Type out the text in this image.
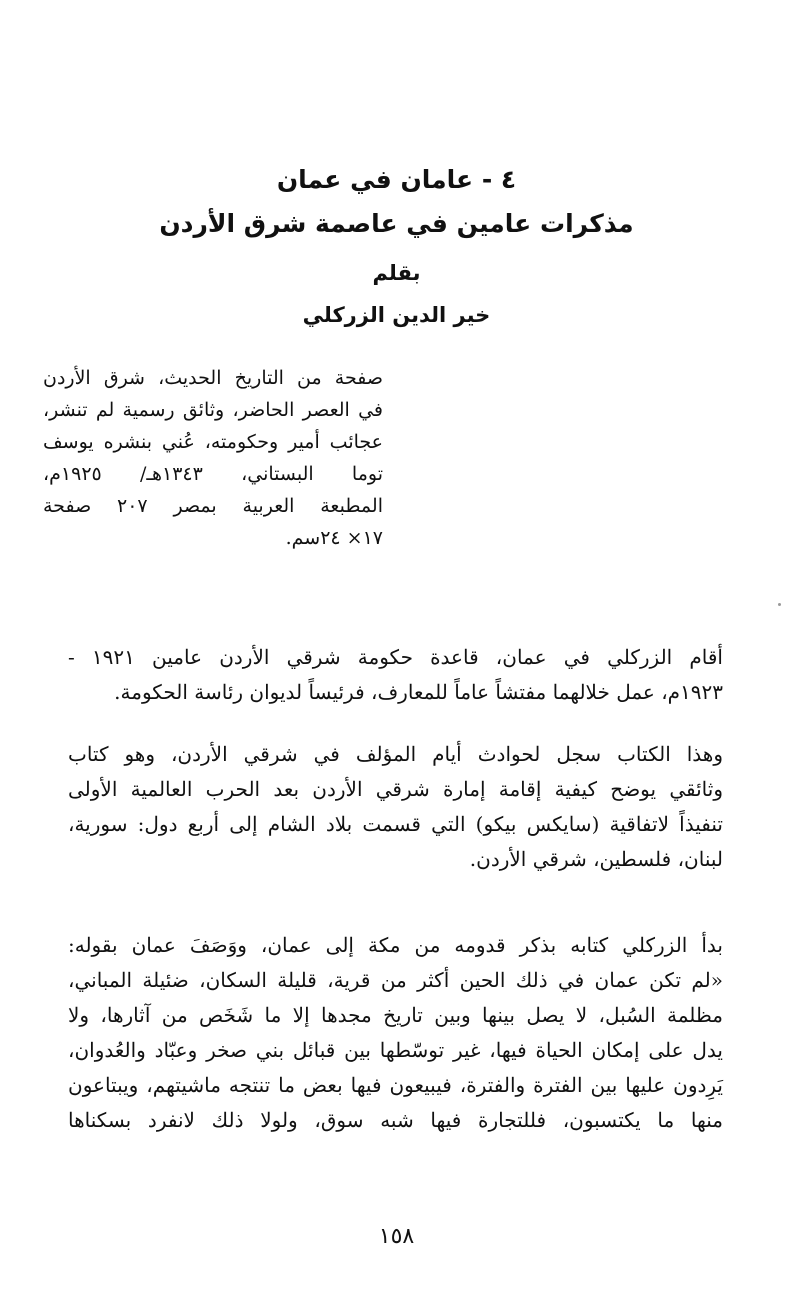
٤ - عامان في عمان
مذكرات عامين في عاصمة شرق الأردن
بقلم
خير الدين الزركلي
صفحة من التاريخ الحديث، شرق الأردن
في العصر الحاضر، وثائق رسمية لم تنشر،
عجائب أمير وحكومته، عُني بنشره يوسف
توما البستاني، ١٣٤٣هـ/ ١٩٢٥م،
المطبعة العربية بمصر ٢٠٧ صفحة
١٧× ٢٤سم.
أقام الزركلي في عمان، قاعدة حكومة شرقي الأردن عامين ١٩٢١ -
١٩٢٣م، عمل خلالهما مفتشاً عاماً للمعارف، فرئيساً لديوان رئاسة الحكومة.
وهذا الكتاب سجل لحوادث أيام المؤلف في شرقي الأردن، وهو كتاب
وثائقي يوضح كيفية إقامة إمارة شرقي الأردن بعد الحرب العالمية الأولى
تنفيذاً لاتفاقية (سايكس بيكو) التي قسمت بلاد الشام إلى أربع دول: سورية،
لبنان، فلسطين، شرقي الأردن.
بدأ الزركلي كتابه بذكر قدومه من مكة إلى عمان، ووَصَفَ عمان بقوله:
«لم تكن عمان في ذلك الحين أكثر من قرية، قليلة السكان، ضئيلة المباني،
مظلمة السُبل، لا يصل بينها وبين تاريخ مجدها إلا ما شَخَص من آثارها، ولا
يدل على إمكان الحياة فيها، غير توسّطها بين قبائل بني صخر وعبّاد والعُدوان،
يَرِدون عليها بين الفترة والفترة، فيبيعون فيها بعض ما تنتجه ماشيتهم، ويبتاعون
منها ما يكتسبون، فللتجارة فيها شبه سوق، ولولا ذلك لانفرد بسكناها
١٥٨
